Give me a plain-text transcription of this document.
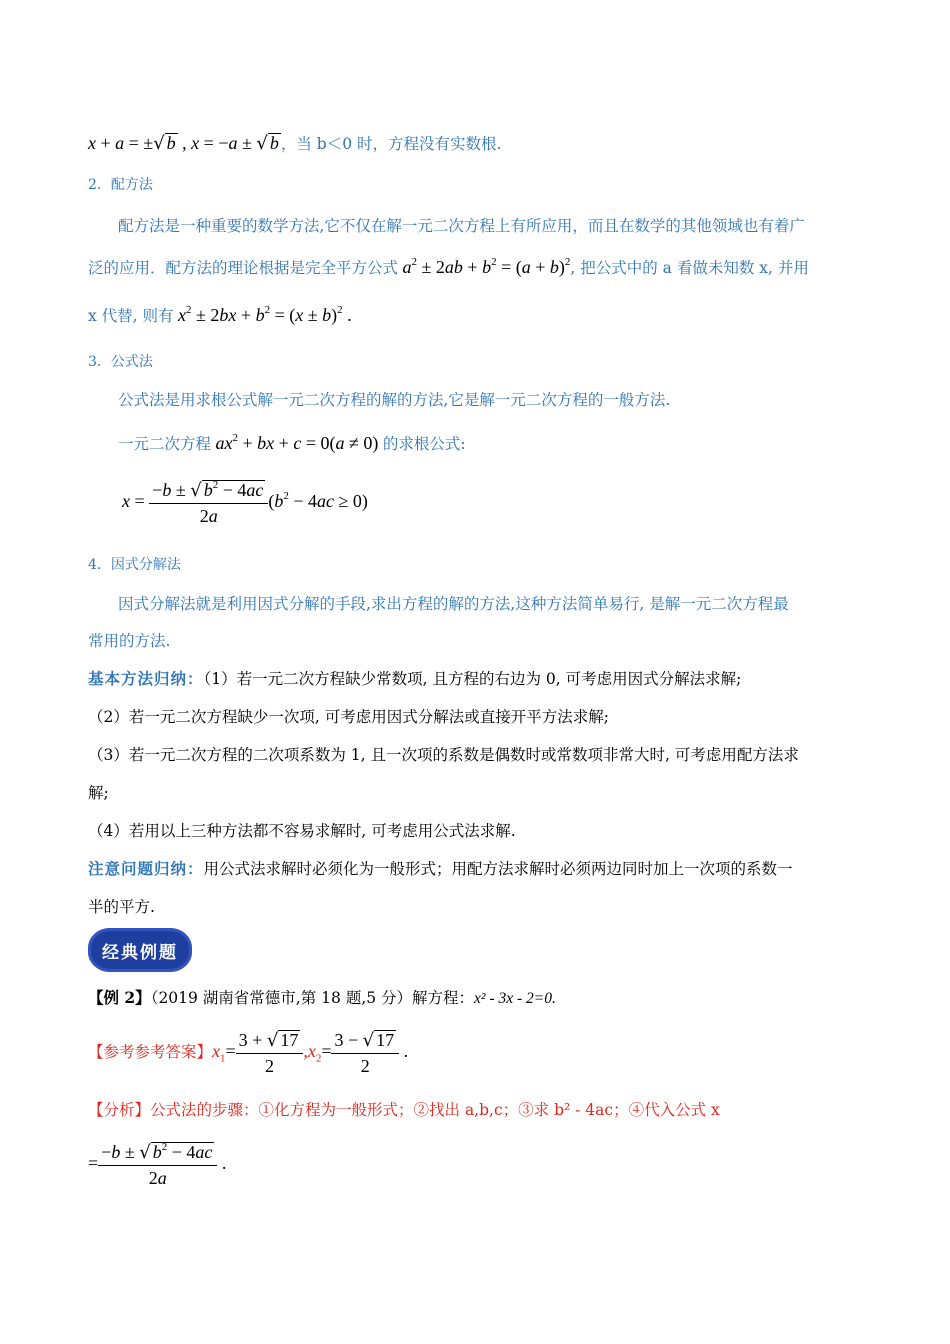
x + a = ±√ b , x = −a ± √ b ，当 b＜0 时，方程没有实数根.
2．配方法
配方法是一种重要的数学方法,它不仅在解一元二次方程上有所应用，而且在数学的其他领域也有着广
泛的应用．配方法的理论根据是完全平方公式 $a^2 \pm 2ab + b^2 = (a + b)^2$, 把公式中的 a 看做未知数 x, 并用
x 代替, 则有 $x^2 \pm 2bx + b^2 = (x \pm b)^2$ .
3．公式法
公式法是用求根公式解一元二次方程的解的方法,它是解一元二次方程的一般方法.
一元二次方程 $ax^2$ + bx + c = 0(a ≠ 0) 的求根公式:
$x = \frac{-b \pm √ b^2 - 4ac}{2a} (b^2 - 4ac \ge 0)$
4．因式分解法
因式分解法就是利用因式分解的手段,求出方程的解的方法,这种方法简单易行, 是解一元二次方程最
常用的方法.
基本方法归纳：（1）若一元二次方程缺少常数项, 且方程的右边为 0, 可考虑用因式分解法求解;
（2）若一元二次方程缺少一次项, 可考虑用因式分解法或直接开平方法求解;
（3）若一元二次方程的二次项系数为 1, 且一次项的系数是偶数时或常数项非常大时, 可考虑用配方法求
解;
（4）若用以上三种方法都不容易求解时, 可考虑用公式法求解.
注意问题归纳：用公式法求解时必须化为一般形式；用配方法求解时必须两边同时加上一次项的系数一
半的平方.
经典例题
【例 2】（2019 湖南省常德市,第 18 题,5 分）解方程：x² - 3x - 2=0.
【参考参考答案】$x_1= \frac{3 + √ 17}{2} ,x_2= \frac{3 - √ 17}{2}$ .
【分析】公式法的步骤：①化方程为一般形式；②找出 a,b,c；③求 b² - 4ac；④代入公式 x
= $\frac{-b \pm √ b^2 - 4ac}{2a}$ .
